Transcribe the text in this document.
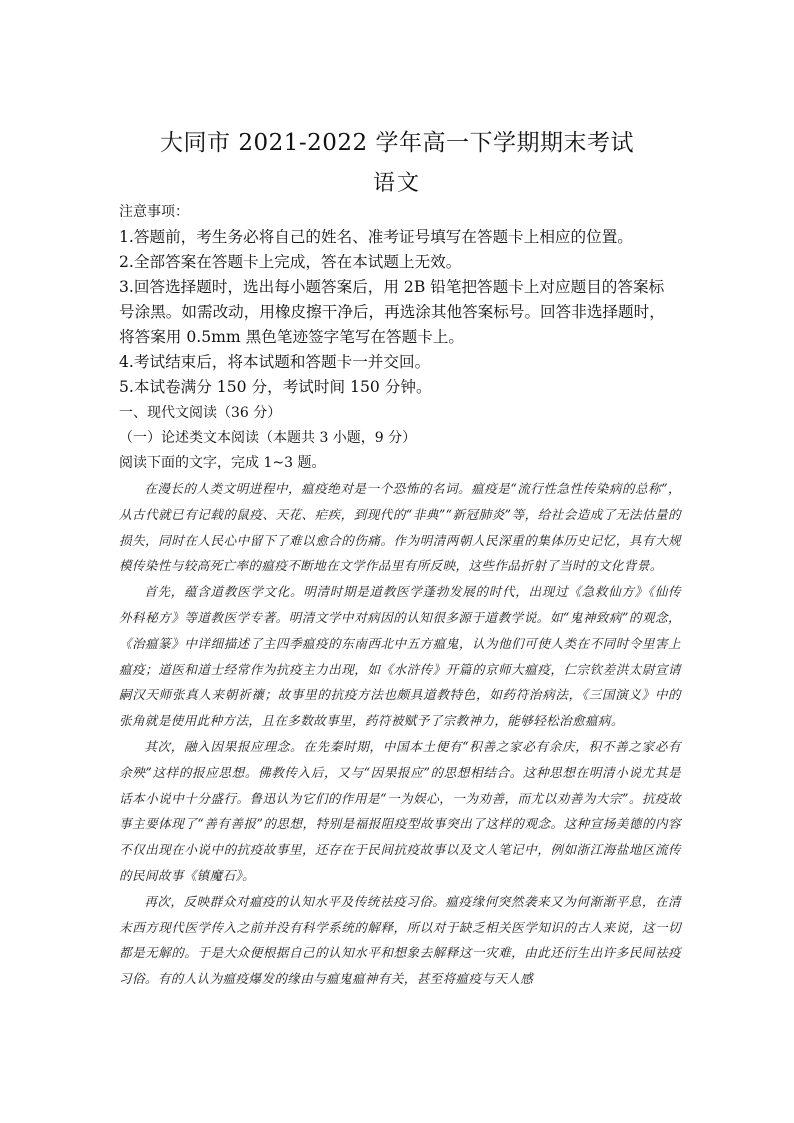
大同市 2021-2022 学年高一下学期期末考试
语文
注意事项：
1.答题前，考生务必将自己的姓名、准考证号填写在答题卡上相应的位置。
2.全部答案在答题卡上完成，答在本试题上无效。
3.回答选择题时，选出每小题答案后，用 2B 铅笔把答题卡上对应题目的答案标
号涂黑。如需改动，用橡皮擦干净后，再选涂其他答案标号。回答非选择题时，
将答案用 0.5mm 黑色笔迹签字笔写在答题卡上。
4.考试结束后，将本试题和答题卡一并交回。
5.本试卷满分 150 分，考试时间 150 分钟。
一、现代文阅读（36 分）
（一）论述类文本阅读（本题共 3 小题，9 分）
阅读下面的文字，完成 1~3 题。

在漫长的人类文明进程中，瘟疫绝对是一个恐怖的名词。瘟疫是“流行性急性传染病的总称”，从古代就已有记载的鼠疫、天花、疟疾，到现代的“非典”“新冠肺炎”等，给社会造成了无法估量的损失，同时在人民心中留下了难以愈合的伤痛。作为明清两朝人民深重的集体历史记忆，具有大规模传染性与较高死亡率的瘟疫不断地在文学作品里有所反映，这些作品折射了当时的文化背景。

首先，蕴含道教医学文化。明清时期是道教医学蓬勃发展的时代，出现过《急救仙方》《仙传外科秘方》等道教医学专著。明清文学中对病因的认知很多源于道教学说。如“鬼神致病”的观念，《治瘟篆》中详细描述了主四季瘟疫的东南西北中五方瘟鬼，认为他们可使人类在不同时令里害上瘟疫；道医和道士经常作为抗疫主力出现，如《水浒传》开篇的京师大瘟疫，仁宗钦差洪太尉宣请嗣汉天师张真人来朝祈禳；故事里的抗疫方法也颇具道教特色，如药符治病法，《三国演义》中的张角就是使用此种方法，且在多数故事里，药符被赋予了宗教神力，能够轻松治愈瘟病。

其次，融入因果报应理念。在先秦时期，中国本土便有“积善之家必有余庆，积不善之家必有余殃”这样的报应思想。佛教传入后，又与“因果报应”的思想相结合。这种思想在明清小说尤其是话本小说中十分盛行。鲁迅认为它们的作用是“一为娱心，一为劝善，而尤以劝善为大宗”。抗疫故事主要体现了“善有善报”的思想，特别是福报阻疫型故事突出了这样的观念。这种宣扬美德的内容不仅出现在小说中的抗疫故事里，还存在于民间抗疫故事以及文人笔记中，例如浙江海盐地区流传的民间故事《镇魔石》。

再次，反映群众对瘟疫的认知水平及传统祛疫习俗。瘟疫缘何突然袭来又为何渐渐平息，在清末西方现代医学传入之前并没有科学系统的解释，所以对于缺乏相关医学知识的古人来说，这一切都是无解的。于是大众便根据自己的认知水平和想象去解释这一灾难，由此还衍生出许多民间祛疫习俗。有的人认为瘟疫爆发的缘由与瘟鬼瘟神有关，甚至将瘟疫与天人感
